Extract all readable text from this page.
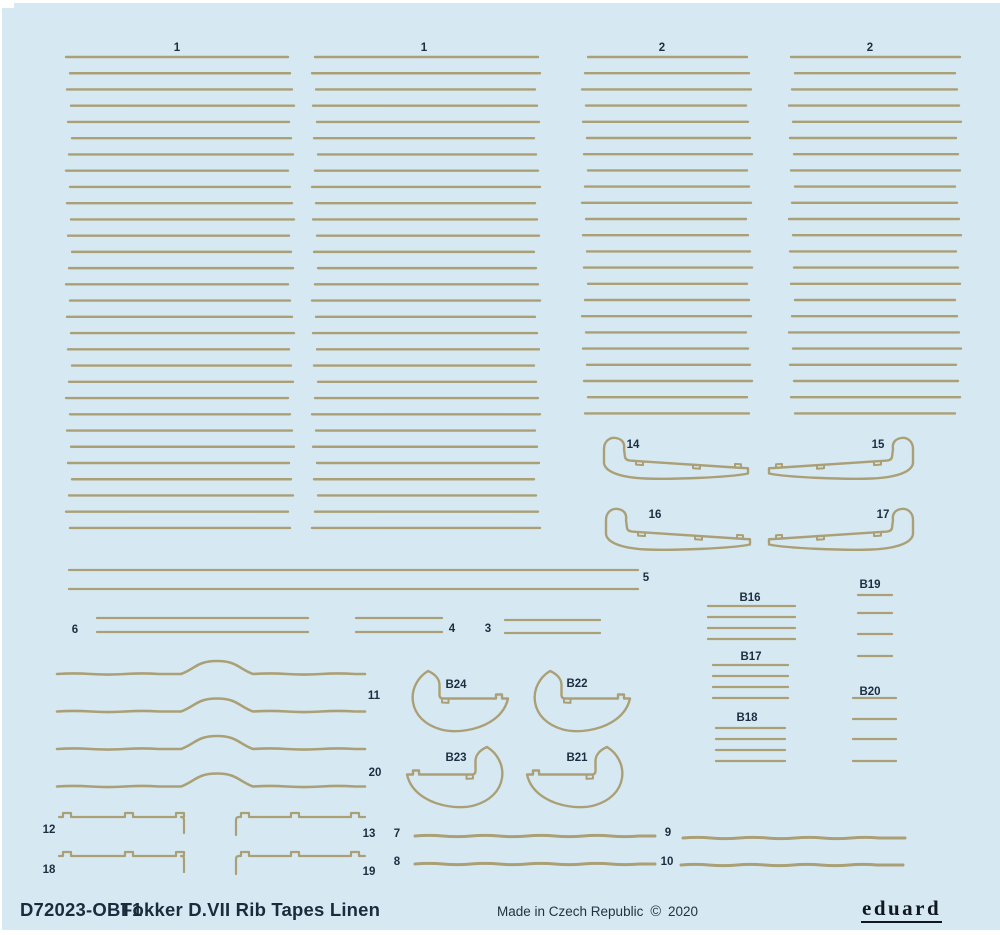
1	1	2	2
5
6	4	3
B16
B17
B18
B19
B20
11
20
7
8
9
10
14	15
16	17
B24	B22
B23	B21
12	13
18	19
D72023-OBT1
Fokker D.VII Rib Tapes Linen	Made in Czech Republic © 2020	eduard
